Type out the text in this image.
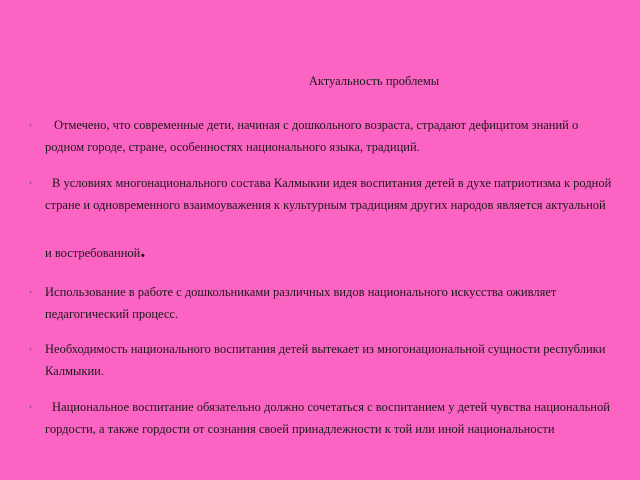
Актуальность проблемы
·	Отмечено, что современные дети, начиная с дошкольного возраста, страдают дефицитом знаний о родном городе, стране, особенностях национального языка, традиций.

·	В условиях многонационального состава Калмыкии идея воспитания детей в духе патриотизма к родной стране и одновременного взаимоуважения к культурным традициям других народов является актуальной

и востребованной.

· Использование в работе с дошкольниками различных видов национального искусства оживляет педагогический процесс.

· Необходимость национального воспитания детей вытекает из многонациональной сущности республики Калмыкии.

·	Национальное воспитание обязательно должно сочетаться с воспитанием у детей чувства национальной гордости, а также гордости от сознания своей принадлежности к той или иной национальности
